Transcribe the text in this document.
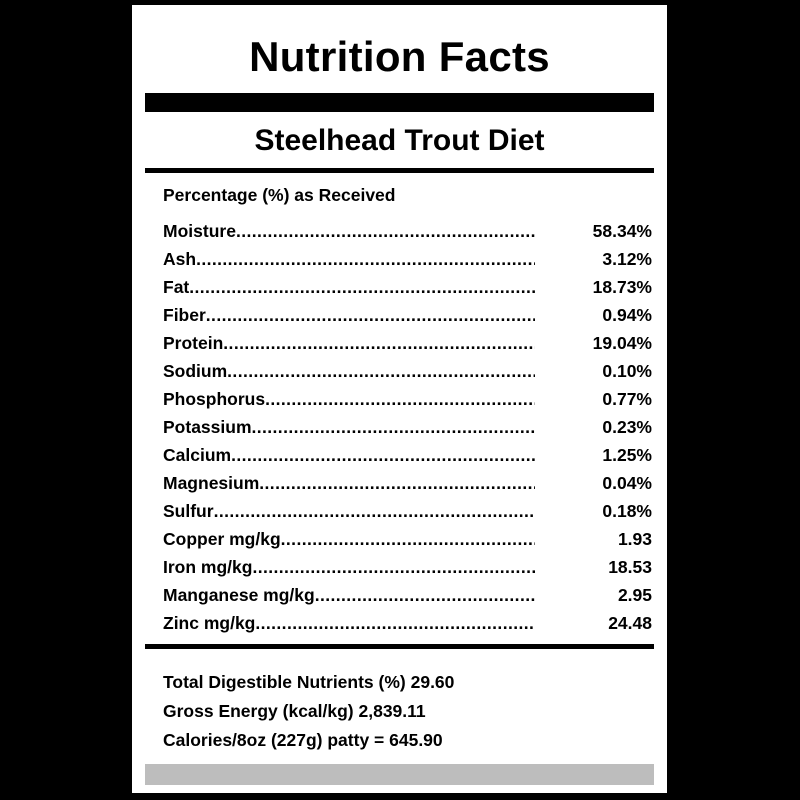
Nutrition Facts
Steelhead Trout Diet
Percentage (%) as Received
Moisture .....	58.34%
Ash .....	3.12%
Fat .....	18.73%
Fiber .....	0.94%
Protein .....	19.04%
Sodium .....	0.10%
Phosphorus .....	0.77%
Potassium .....	0.23%
Calcium .....	1.25%
Magnesium .....	0.04%
Sulfur .....	0.18%
Copper mg/kg .....	1.93
Iron mg/kg .....	18.53
Manganese mg/kg .....	2.95
Zinc mg/kg .....	24.48
Total Digestible Nutrients (%) 29.60
Gross Energy (kcal/kg) 2,839.11
Calories/8oz (227g) patty = 645.90
